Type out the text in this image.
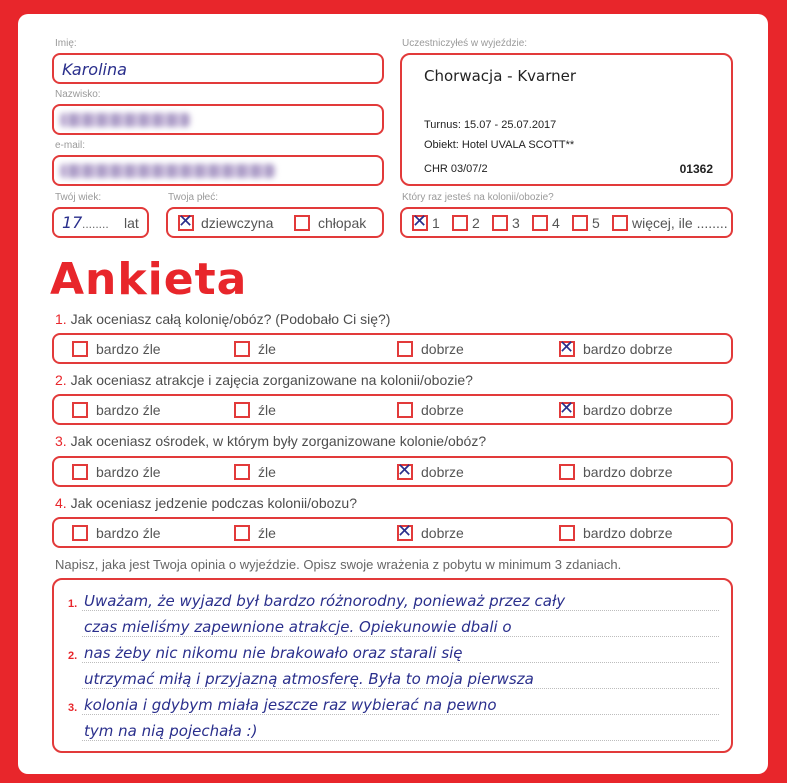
Imię:
Karolina
Nazwisko:
e-mail:
Twój wiek:
17 ........ lat
Twoja płeć:
✕ dziewczyna	chłopak
Uczestniczyłeś w wyjeździe:
Chorwacja - Kvarner
Turnus: 15.07 - 25.07.2017
Obiekt: Hotel UVALA SCOTT**
CHR 03/07/2	01362
Który raz jesteś na kolonii/obozie?
✕ 1 2 3 4 5 więcej, ile ........
Ankieta
1. Jak oceniasz całą kolonię/obóz? (Podobało Ci się?)
bardzo źle	źle	dobrze	✕ bardzo dobrze
2. Jak oceniasz atrakcje i zajęcia zorganizowane na kolonii/obozie?
bardzo źle	źle	dobrze	✕ bardzo dobrze
3. Jak oceniasz ośrodek, w którym były zorganizowane kolonie/obóz?
bardzo źle	źle	✕ dobrze	bardzo dobrze
4. Jak oceniasz jedzenie podczas kolonii/obozu?
bardzo źle	źle	✕ dobrze	bardzo dobrze
Napisz, jaka jest Twoja opinia o wyjeździe. Opisz swoje wrażenia z pobytu w minimum 3 zdaniach.
1.
2.
3.
Uważam, że wyjazd był bardzo różnorodny, ponieważ przez cały
czas mieliśmy zapewnione atrakcje. Opiekunowie dbali o
nas żeby nic nikomu nie brakowało oraz starali się
utrzymać miłą i przyjazną atmosferę. Była to moja pierwsza
kolonia i gdybym miała jeszcze raz wybierać na pewno
tym na nią pojechała :)
